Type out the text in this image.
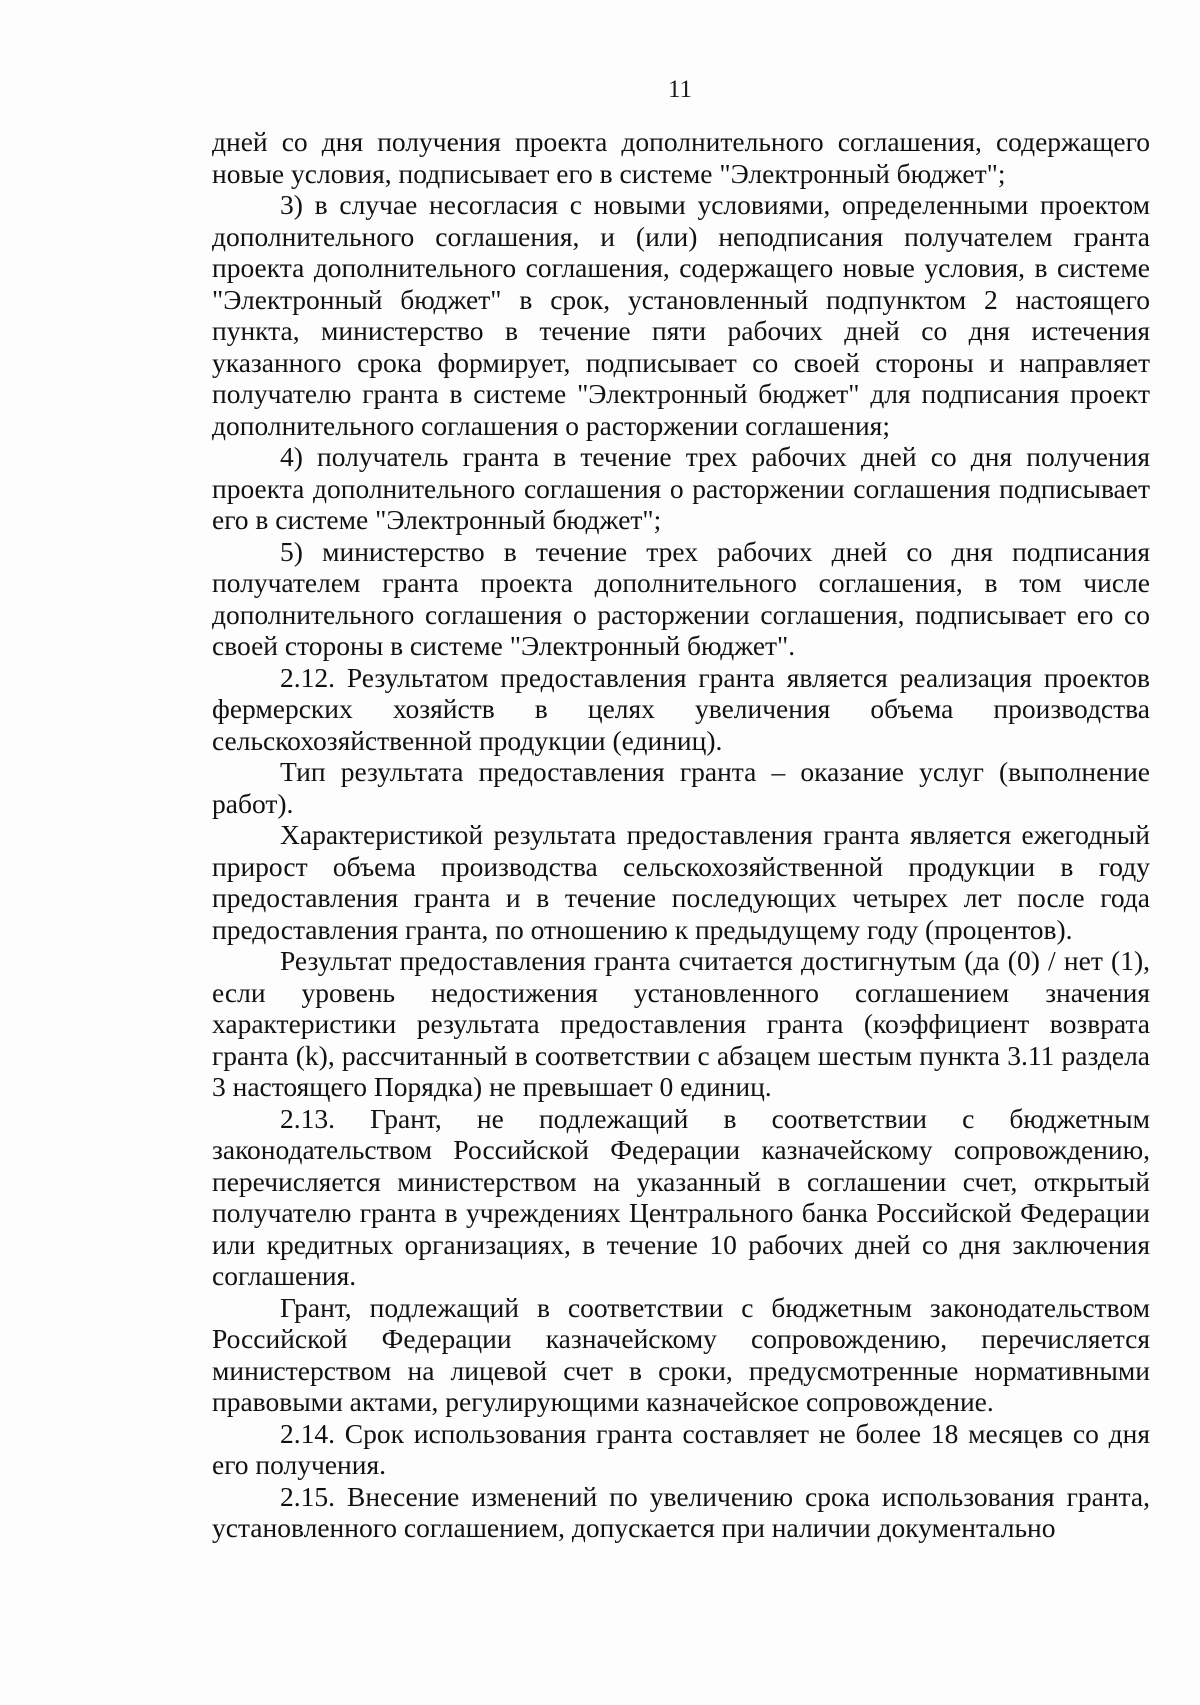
11

дней со дня получения проекта дополнительного соглашения, содержащего новые условия, подписывает его в системе "Электронный бюджет";

3) в случае несогласия с новыми условиями, определенными проектом дополнительного соглашения, и (или) неподписания получателем гранта проекта дополнительного соглашения, содержащего новые условия, в системе "Электронный бюджет" в срок, установленный подпунктом 2 настоящего пункта, министерство в течение пяти рабочих дней со дня истечения указанного срока формирует, подписывает со своей стороны и направляет получателю гранта в системе "Электронный бюджет" для подписания проект дополнительного соглашения о расторжении соглашения;

4) получатель гранта в течение трех рабочих дней со дня получения проекта дополнительного соглашения о расторжении соглашения подписывает его в системе "Электронный бюджет";

5) министерство в течение трех рабочих дней со дня подписания получателем гранта проекта дополнительного соглашения, в том числе дополнительного соглашения о расторжении соглашения, подписывает его со своей стороны в системе "Электронный бюджет".

2.12. Результатом предоставления гранта является реализация проектов фермерских хозяйств в целях увеличения объема производства сельскохозяйственной продукции (единиц).

Тип результата предоставления гранта – оказание услуг (выполнение работ).

Характеристикой результата предоставления гранта является ежегодный прирост объема производства сельскохозяйственной продукции в году предоставления гранта и в течение последующих четырех лет после года предоставления гранта, по отношению к предыдущему году (процентов).

Результат предоставления гранта считается достигнутым (да (0) / нет (1), если уровень недостижения установленного соглашением значения характеристики результата предоставления гранта (коэффициент возврата гранта (k), рассчитанный в соответствии с абзацем шестым пункта 3.11 раздела 3 настоящего Порядка) не превышает 0 единиц.

2.13. Грант, не подлежащий в соответствии с бюджетным законодательством Российской Федерации казначейскому сопровождению, перечисляется министерством на указанный в соглашении счет, открытый получателю гранта в учреждениях Центрального банка Российской Федерации или кредитных организациях, в течение 10 рабочих дней со дня заключения соглашения.

Грант, подлежащий в соответствии с бюджетным законодательством Российской Федерации казначейскому сопровождению, перечисляется министерством на лицевой счет в сроки, предусмотренные нормативными правовыми актами, регулирующими казначейское сопровождение.

2.14. Срок использования гранта составляет не более 18 месяцев со дня его получения.

2.15. Внесение изменений по увеличению срока использования гранта, установленного соглашением, допускается при наличии документально
